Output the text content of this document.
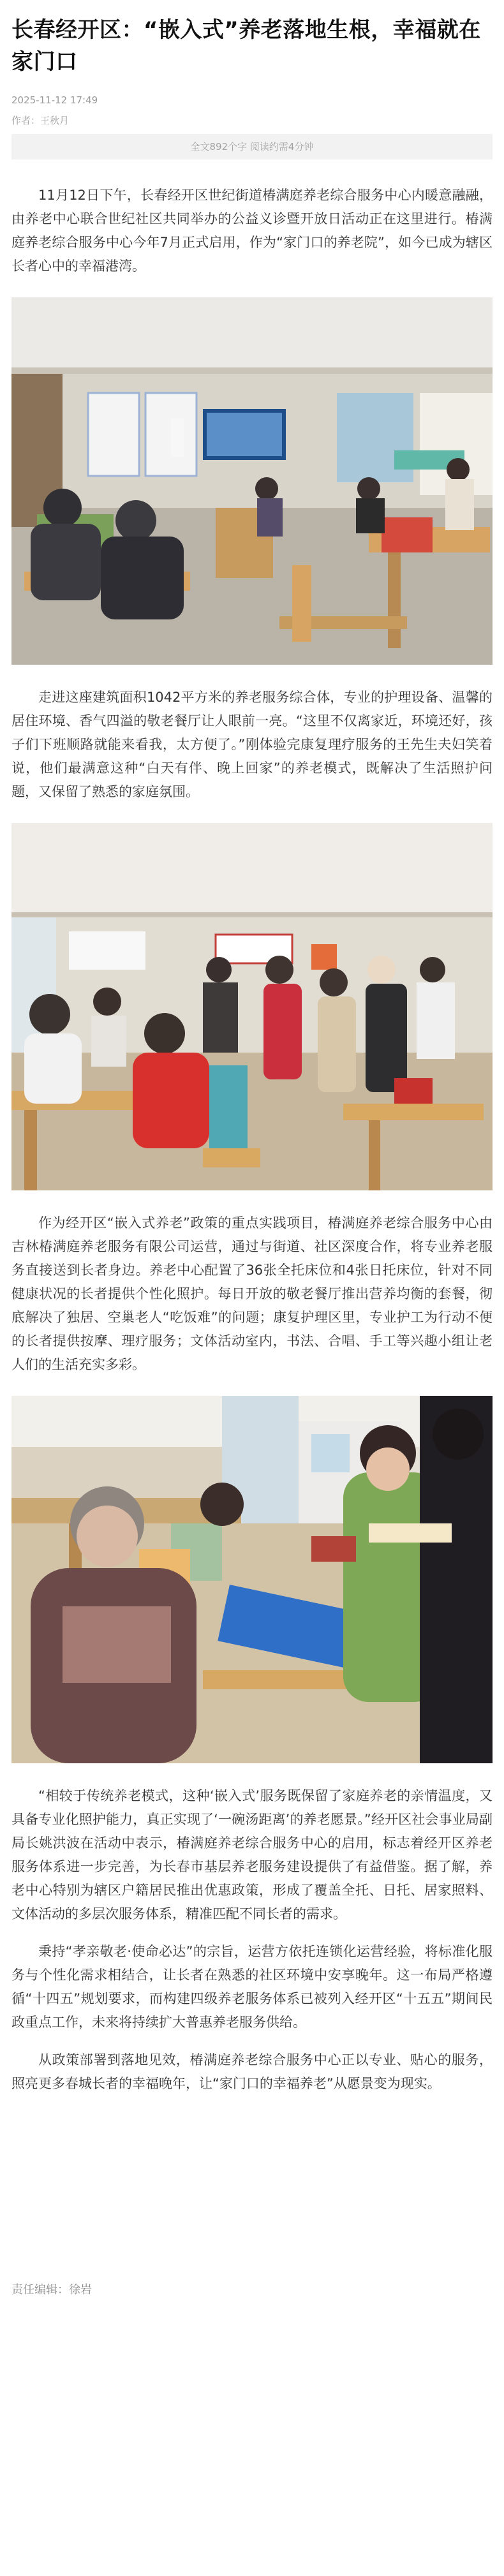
长春经开区：“嵌入式”养老落地生根，幸福就在家门口
2025-11-12 17:49
作者：王秋月
全文892个字 阅读约需4分钟

11月12日下午，长春经开区世纪街道椿满庭养老综合服务中心内暖意融融，由养老中心联合世纪社区共同举办的公益义诊暨开放日活动正在这里进行。椿满庭养老综合服务中心今年7月正式启用，作为“家门口的养老院”，如今已成为辖区长者心中的幸福港湾。

走进这座建筑面积1042平方米的养老服务综合体，专业的护理设备、温馨的居住环境、香气四溢的敬老餐厅让人眼前一亮。“这里不仅离家近，环境还好，孩子们下班顺路就能来看我，太方便了。”刚体验完康复理疗服务的王先生夫妇笑着说，他们最满意这种“白天有伴、晚上回家”的养老模式，既解决了生活照护问题，又保留了熟悉的家庭氛围。

作为经开区“嵌入式养老”政策的重点实践项目，椿满庭养老综合服务中心由吉林椿满庭养老服务有限公司运营，通过与街道、社区深度合作，将专业养老服务直接送到长者身边。养老中心配置了36张全托床位和4张日托床位，针对不同健康状况的长者提供个性化照护。每日开放的敬老餐厅推出营养均衡的套餐，彻底解决了独居、空巢老人“吃饭难”的问题；康复护理区里，专业护工为行动不便的长者提供按摩、理疗服务；文体活动室内，书法、合唱、手工等兴趣小组让老人们的生活充实多彩。

“相较于传统养老模式，这种‘嵌入式’服务既保留了家庭养老的亲情温度，又具备专业化照护能力，真正实现了‘一碗汤距离’的养老愿景。”经开区社会事业局副局长姚洪波在活动中表示，椿满庭养老综合服务中心的启用，标志着经开区养老服务体系进一步完善，为长春市基层养老服务建设提供了有益借鉴。据了解，养老中心特别为辖区户籍居民推出优惠政策，形成了覆盖全托、日托、居家照料、文体活动的多层次服务体系，精准匹配不同长者的需求。

秉持“孝亲敬老·使命必达”的宗旨，运营方依托连锁化运营经验，将标准化服务与个性化需求相结合，让长者在熟悉的社区环境中安享晚年。这一布局严格遵循“十四五”规划要求，而构建四级养老服务体系已被列入经开区“十五五”期间民政重点工作，未来将持续扩大普惠养老服务供给。

从政策部署到落地见效，椿满庭养老综合服务中心正以专业、贴心的服务，照亮更多春城长者的幸福晚年，让“家门口的幸福养老”从愿景变为现实。

责任编辑：徐岩
